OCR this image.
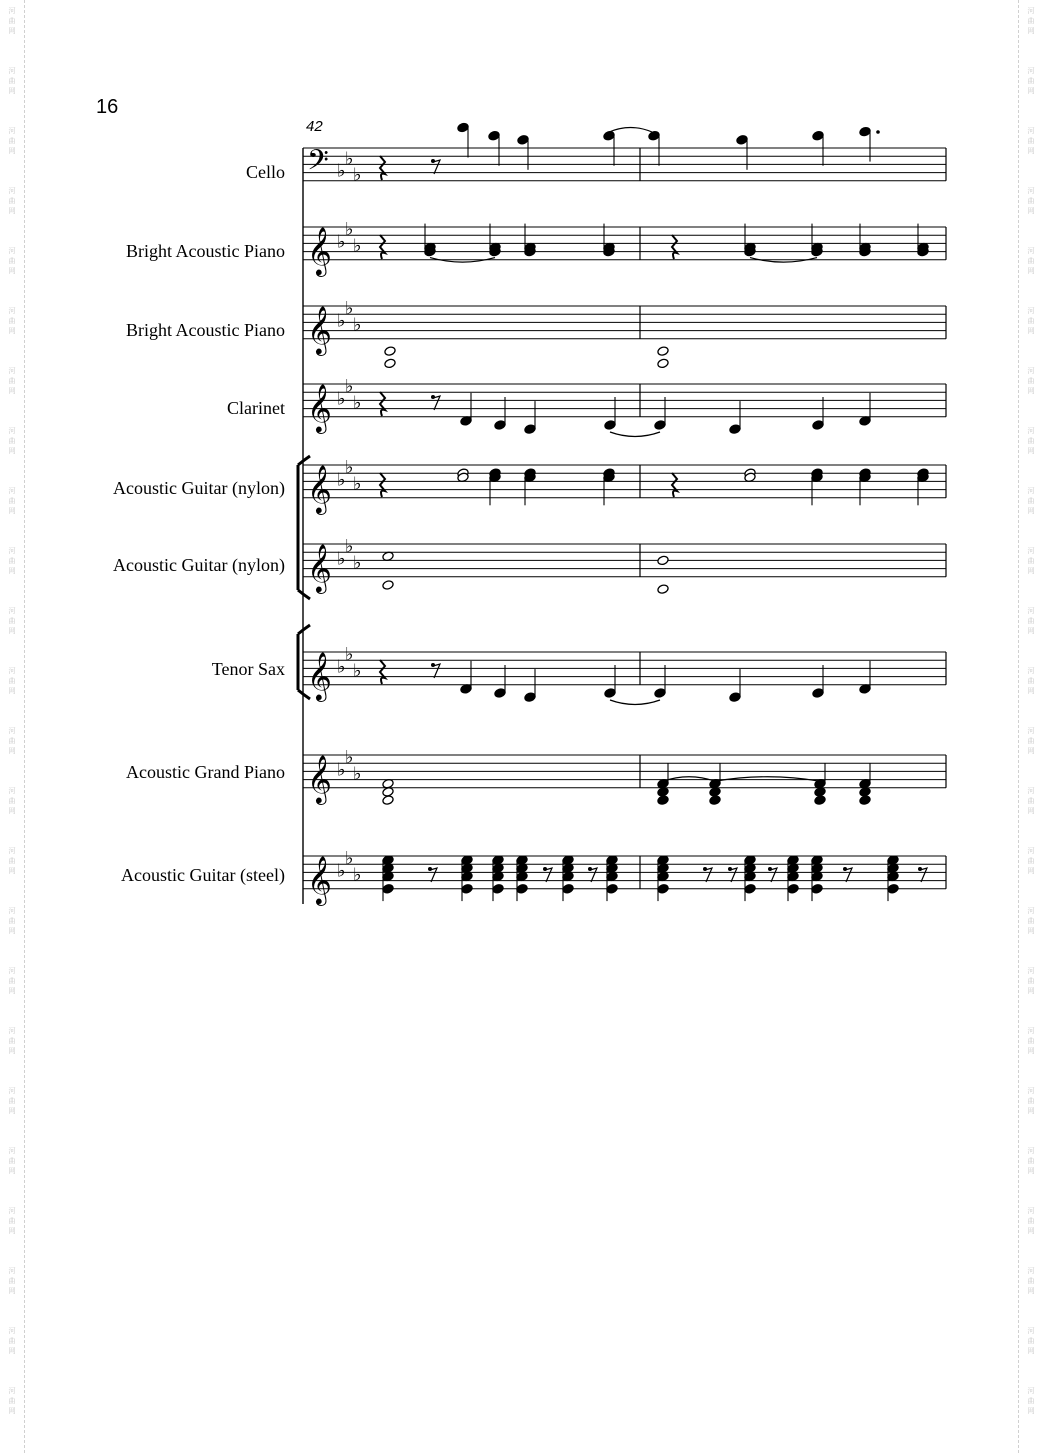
16
42
Cello
Bright Acoustic Piano
Bright Acoustic Piano
Clarinet
Acoustic Guitar (nylon)
Acoustic Guitar (nylon)
Tenor Sax
Acoustic Grand Piano
Acoustic Guitar (steel)
𝄢 ♭
♭
♭
𝄞 ♭
♭
♭
𝄞 ♭
♭
♭
𝄞 ♭
♭
♭
𝄞 ♭
♭
♭
𝄞 ♭
♭
♭
𝄞 ♭
♭
♭
𝄞 ♭
♭
♭
𝄞 ♭
♭
♭
河
曲
网
河
曲
网
河
曲
网
河
曲
网
河
曲
网
河
曲
网
河
曲
网
河
曲
网
河
曲
网
河
曲
网
河
曲
网
河
曲
网
河
曲
网
河
曲
网
河
曲
网
河
曲
网
河
曲
网
河
曲
网
河
曲
网
河
曲
网
河
曲
网
河
曲
网
河
曲
网
河
曲
网
河
曲
网
河
曲
网
河
曲
网
河
曲
网
河
曲
网
河
曲
网
河
曲
网
河
曲
网
河
曲
网
河
曲
网
河
曲
网
河
曲
网
河
曲
网
河
曲
网
河
曲
网
河
曲
网
河
曲
网
河
曲
网
河
曲
网
河
曲
网
河
曲
网
河
曲
网
河
曲
网
河
曲
网
